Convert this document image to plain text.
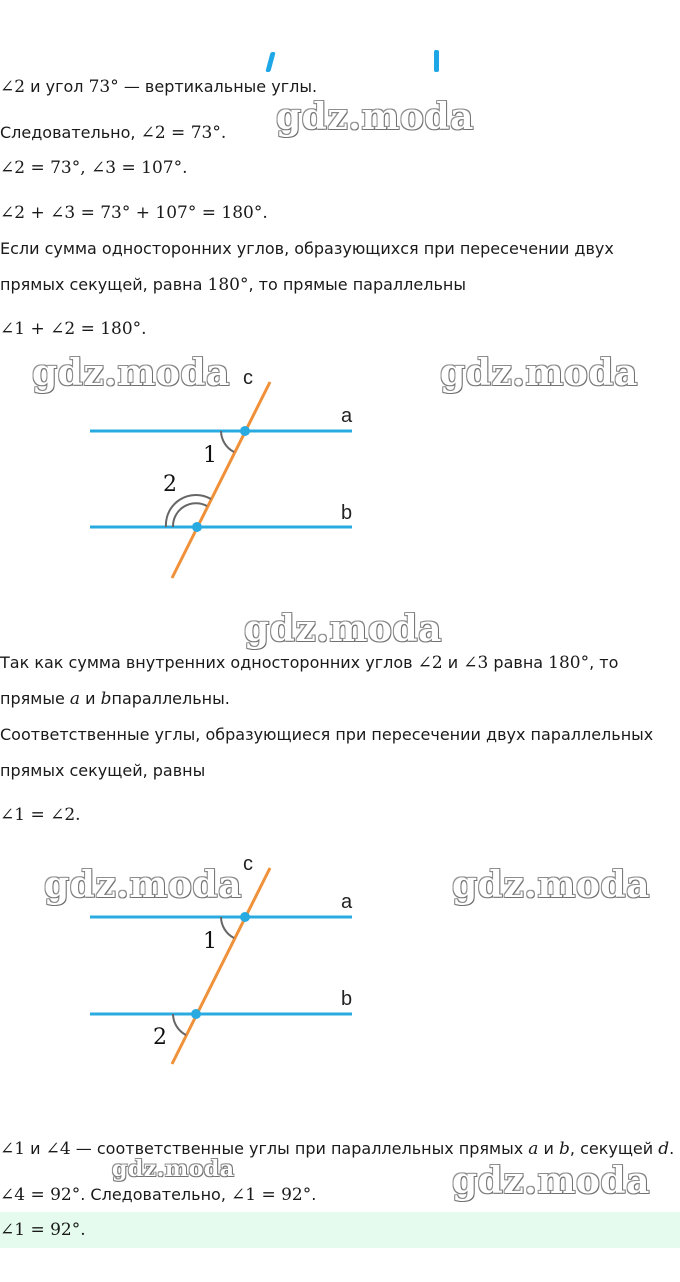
gdz.moda
gdz.moda	gdz.moda
gdz.moda
gdz.moda	gdz.moda
gdz.moda	gdz.moda
∠2 и угол 73° — вертикальные углы.
Следовательно, ∠2 = 73°.
∠2 = 73°, ∠3 = 107°.
∠2 + ∠3 = 73° + 107° = 180°.
Если сумма односторонних углов, образующихся при пересечении двух
прямых секущей, равна 180°, то прямые параллельны
∠1 + ∠2 = 180°.
c
a
b
1
2
Так как сумма внутренних односторонних углов ∠2 и ∠3 равна 180°, то
прямые a и bпараллельны.
Соответственные углы, образующиеся при пересечении двух параллельных
прямых секущей, равны
∠1 = ∠2.
c
a
b
1
2
∠1 и ∠4 — соответственные углы при параллельных прямых a и b, секущей d.
∠4 = 92°. Следовательно, ∠1 = 92°.
∠1 = 92°.
